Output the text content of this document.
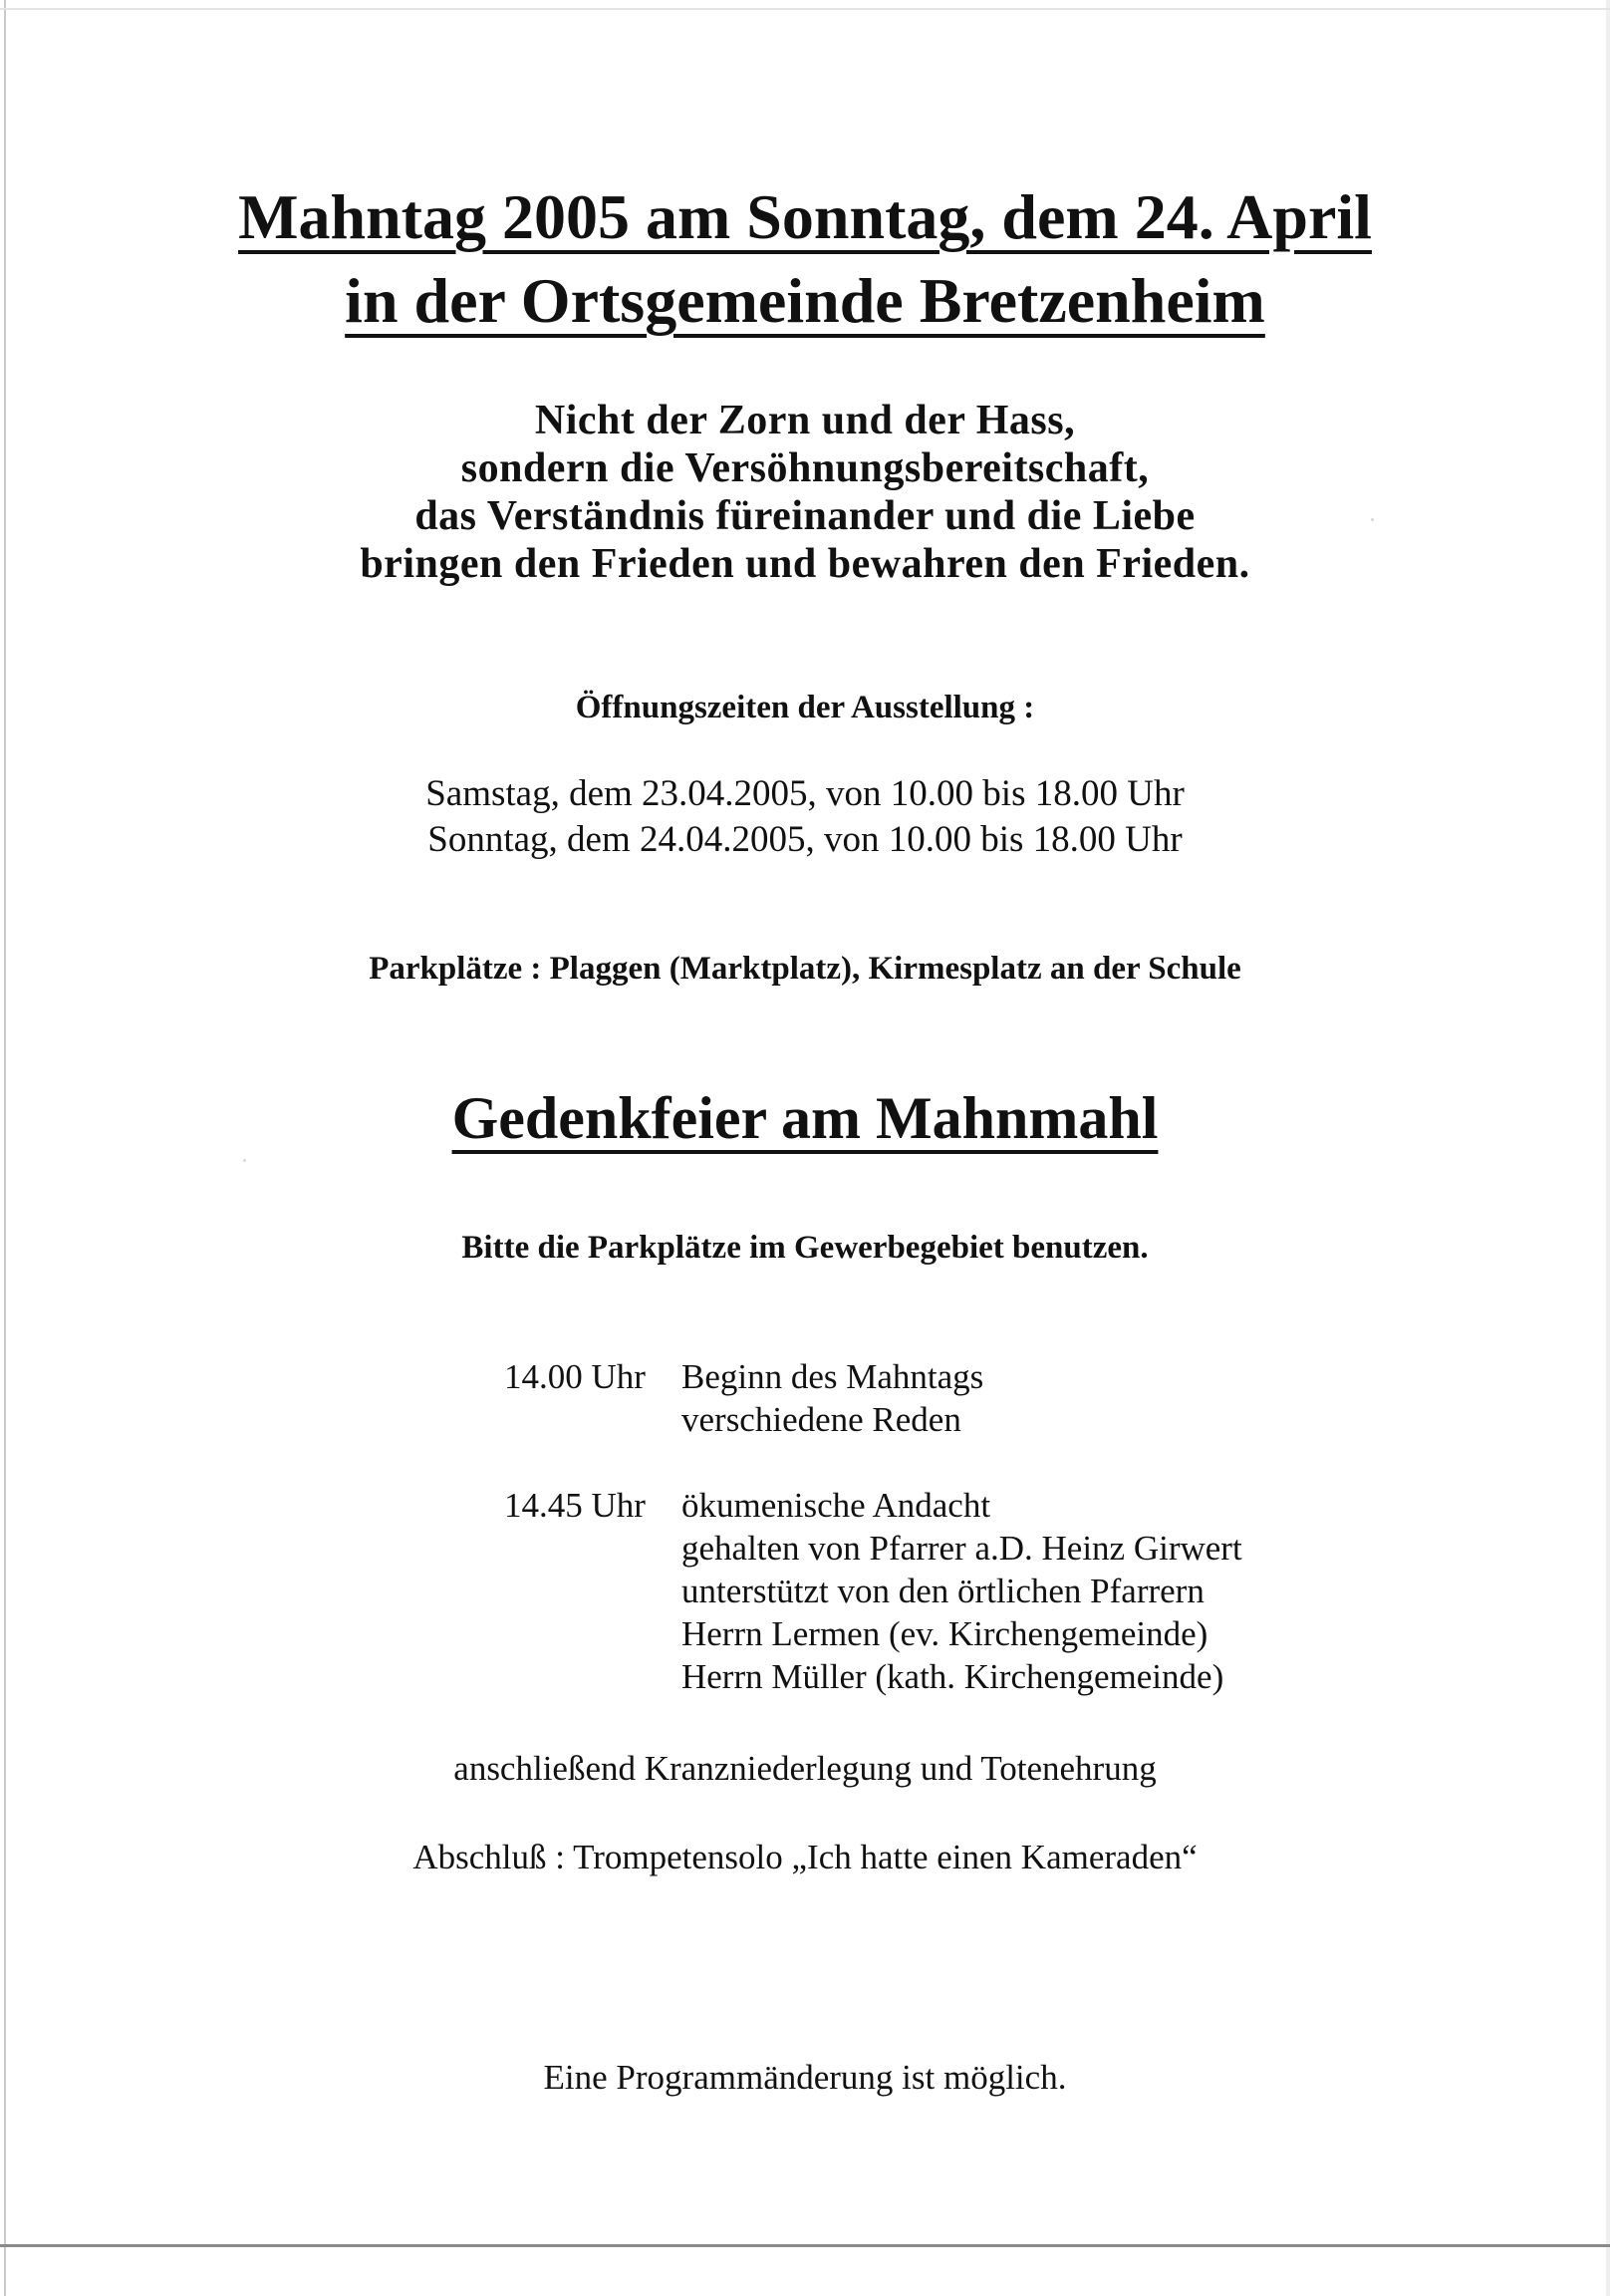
Mahntag 2005 am Sonntag, dem 24. April
in der Ortsgemeinde Bretzenheim
Nicht der Zorn und der Hass,
sondern die Versöhnungsbereitschaft,
das Verständnis füreinander und die Liebe
bringen den Frieden und bewahren den Frieden.
Öffnungszeiten der Ausstellung :
Samstag, dem 23.04.2005, von 10.00 bis 18.00 Uhr
Sonntag, dem 24.04.2005, von 10.00 bis 18.00 Uhr
Parkplätze : Plaggen (Marktplatz), Kirmesplatz an der Schule
Gedenkfeier am Mahnmahl
Bitte die Parkplätze im Gewerbegebiet benutzen.
14.00 Uhr	Beginn des Mahntags
verschiedene Reden
14.45 Uhr	ökumenische Andacht
gehalten von Pfarrer a.D. Heinz Girwert
unterstützt von den örtlichen Pfarrern
Herrn Lermen (ev. Kirchengemeinde)
Herrn Müller (kath. Kirchengemeinde)
anschließend Kranzniederlegung und Totenehrung
Abschluß : Trompetensolo „Ich hatte einen Kameraden“
Eine Programmänderung ist möglich.
